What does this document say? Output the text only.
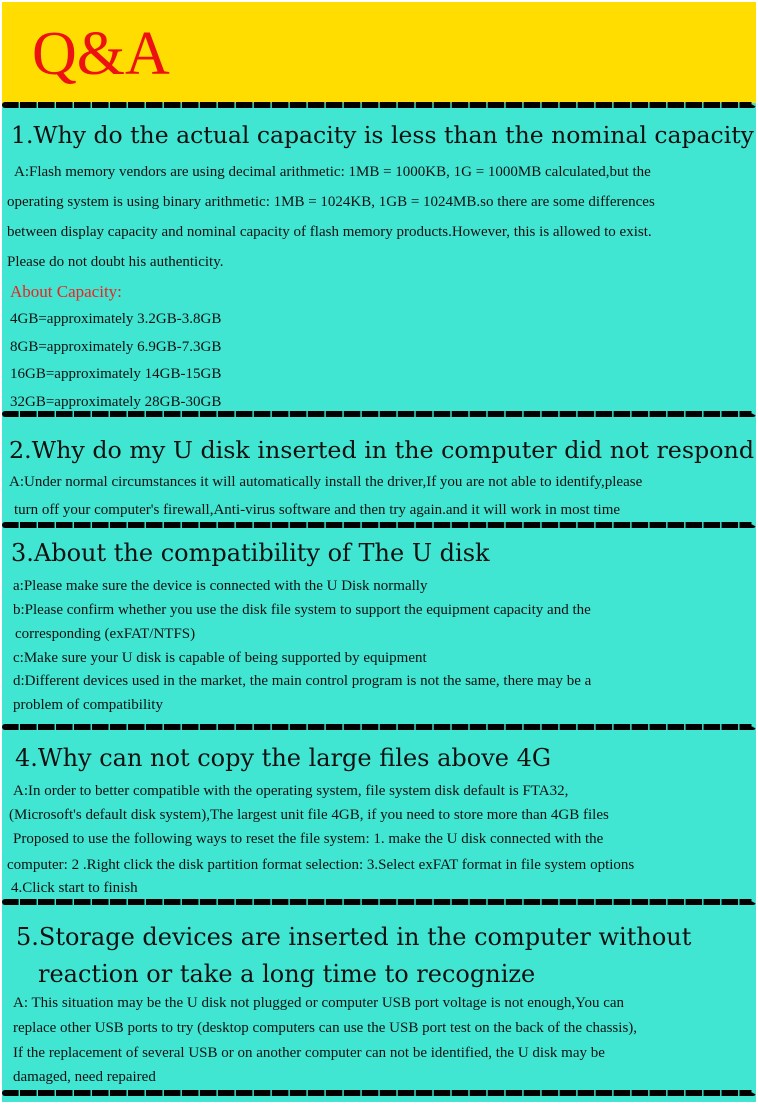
Q&A
1.Why do the actual capacity is less than the nominal capacity
A:Flash memory vendors are using decimal arithmetic: 1MB = 1000KB, 1G = 1000MB calculated,but the
operating system is using binary arithmetic: 1MB = 1024KB, 1GB = 1024MB.so there are some differences
between display capacity and nominal capacity of flash memory products.However, this is allowed to exist.
Please do not doubt his authenticity.
About Capacity:
4GB=approximately 3.2GB-3.8GB
8GB=approximately 6.9GB-7.3GB
16GB=approximately 14GB-15GB
32GB=approximately 28GB-30GB
2.Why do my U disk inserted in the computer did not respond
A:Under normal circumstances it will automatically install the driver,If you are not able to identify,please
turn off your computer's firewall,Anti-virus software and then try again.and it will work in most time
3.About the compatibility of The U disk
a:Please make sure the device is connected with the U Disk normally
b:Please confirm whether you use the disk file system to support the equipment capacity and the
corresponding (exFAT/NTFS)
c:Make sure your U disk is capable of being supported by equipment
d:Different devices used in the market, the main control program is not the same, there may be a
problem of compatibility
4.Why can not copy the large files above 4G
A:In order to better compatible with the operating system, file system disk default is FTA32,
(Microsoft's default disk system),The largest unit file 4GB, if you need to store more than 4GB files
Proposed to use the following ways to reset the file system: 1. make the U disk connected with the
computer: 2 .Right click the disk partition format selection: 3.Select exFAT format in file system options
4.Click start to finish
5.Storage devices are inserted in the computer without
reaction or take a long time to recognize
A: This situation may be the U disk not plugged or computer USB port voltage is not enough,You can
replace other USB ports to try (desktop computers can use the USB port test on the back of the chassis),
If the replacement of several USB or on another computer can not be identified, the U disk may be
damaged, need repaired
